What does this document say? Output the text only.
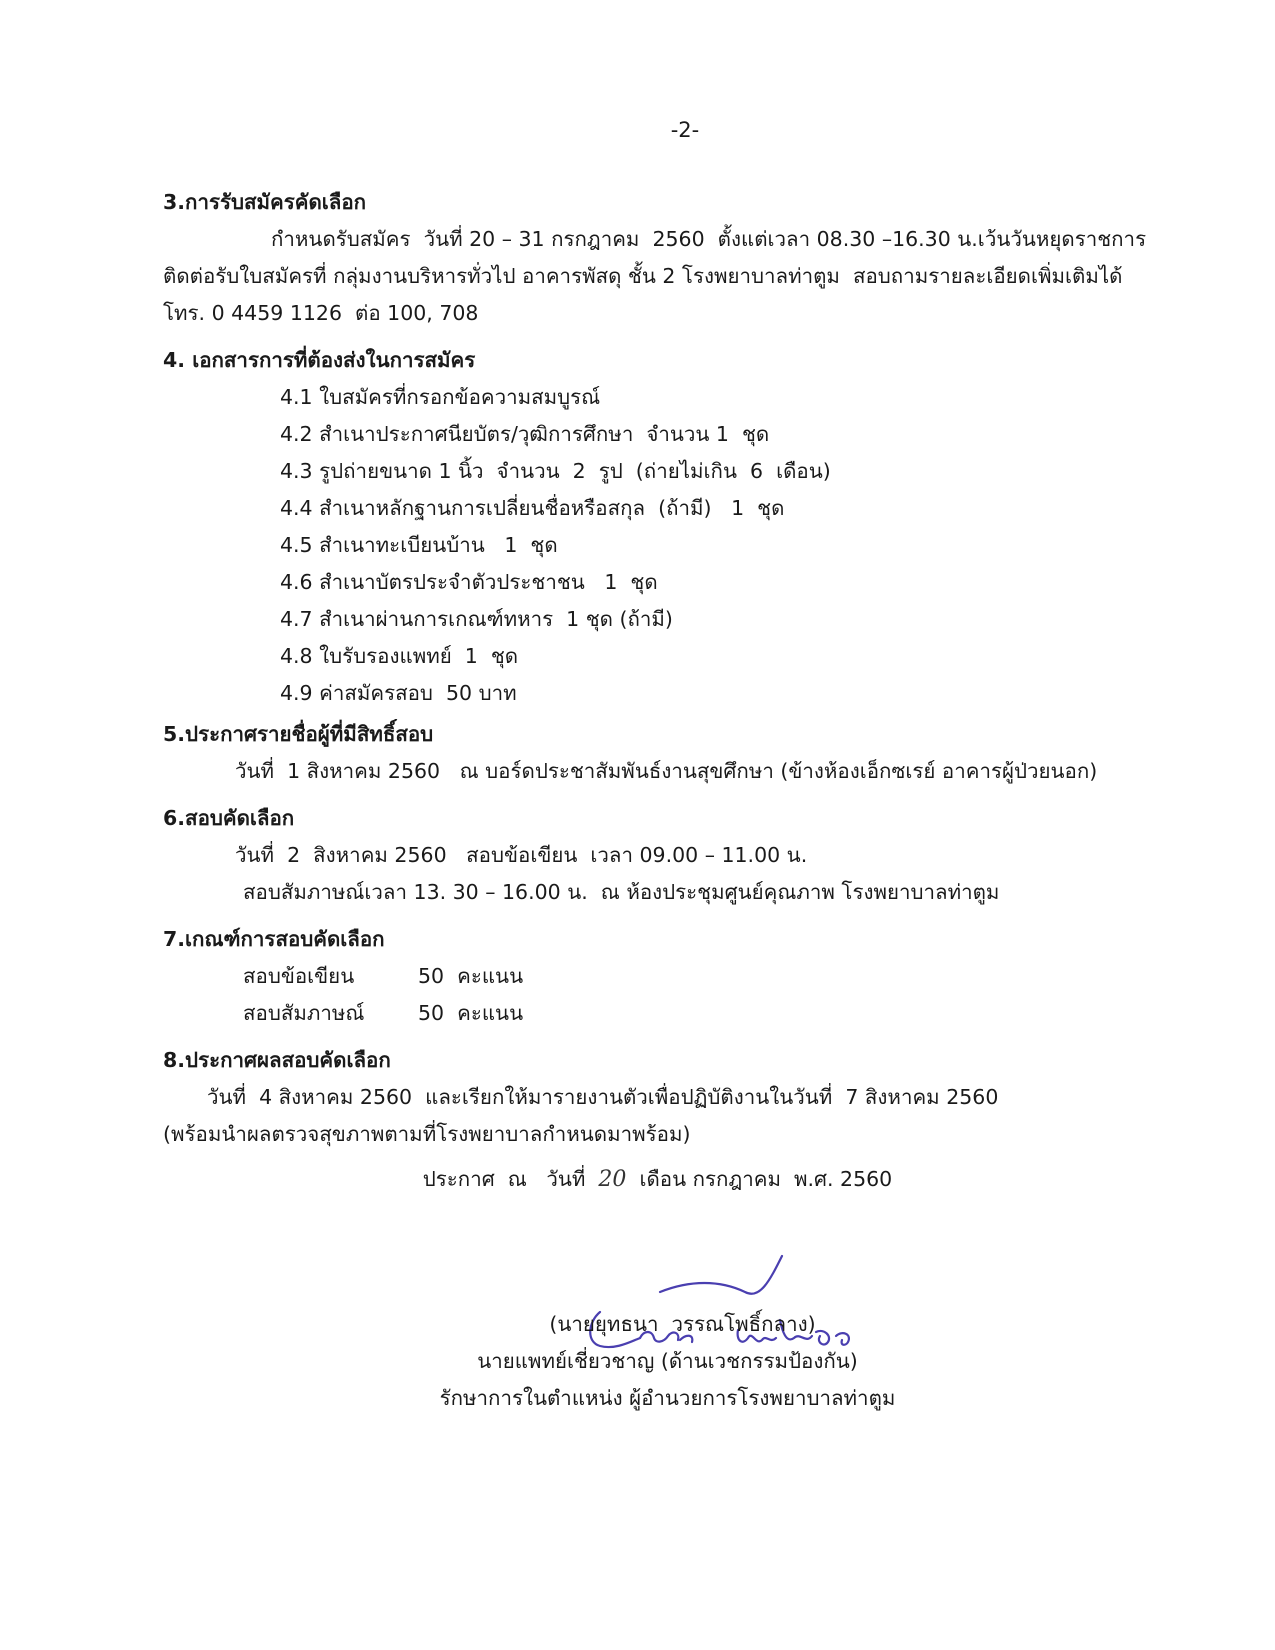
-2-
3.การรับสมัครคัดเลือก
กำหนดรับสมัคร  วันที่ 20 – 31 กรกฎาคม  2560  ตั้งแต่เวลา 08.30 –16.30 น.เว้นวันหยุดราชการ
ติดต่อรับใบสมัครที่ กลุ่มงานบริหารทั่วไป อาคารพัสดุ ชั้น 2 โรงพยาบาลท่าตูม  สอบถามรายละเอียดเพิ่มเติมได้
โทร. 0 4459 1126  ต่อ 100, 708
4. เอกสารการที่ต้องส่งในการสมัคร
4.1 ใบสมัครที่กรอกข้อความสมบูรณ์
4.2 สำเนาประกาศนียบัตร/วุฒิการศึกษา  จำนวน 1  ชุด
4.3 รูปถ่ายขนาด 1 นิ้ว  จำนวน  2  รูป  (ถ่ายไม่เกิน  6  เดือน)
4.4 สำเนาหลักฐานการเปลี่ยนชื่อหรือสกุล  (ถ้ามี)   1  ชุด
4.5 สำเนาทะเบียนบ้าน   1  ชุด
4.6 สำเนาบัตรประจำตัวประชาชน   1  ชุด
4.7 สำเนาผ่านการเกณฑ์ทหาร  1 ชุด (ถ้ามี)
4.8 ใบรับรองแพทย์  1  ชุด
4.9 ค่าสมัครสอบ  50 บาท
5.ประกาศรายชื่อผู้ที่มีสิทธิ์สอบ
วันที่  1 สิงหาคม 2560   ณ บอร์ดประชาสัมพันธ์งานสุขศึกษา (ข้างห้องเอ็กซเรย์ อาคารผู้ป่วยนอก)
6.สอบคัดเลือก
วันที่  2  สิงหาคม 2560   สอบข้อเขียน  เวลา 09.00 – 11.00 น.
สอบสัมภาษณ์เวลา 13. 30 – 16.00 น.  ณ ห้องประชุมศูนย์คุณภาพ โรงพยาบาลท่าตูม
7.เกณฑ์การสอบคัดเลือก
สอบข้อเขียน	50  คะแนน
สอบสัมภาษณ์	50  คะแนน
8.ประกาศผลสอบคัดเลือก
วันที่  4 สิงหาคม 2560  และเรียกให้มารายงานตัวเพื่อปฏิบัติงานในวันที่  7 สิงหาคม 2560
(พร้อมนำผลตรวจสุขภาพตามที่โรงพยาบาลกำหนดมาพร้อม)
ประกาศ  ณ   วันที่ 20 เดือน กรกฎาคม  พ.ศ. 2560
(นายยุทธนา  วรรณโพธิ์กลาง)
นายแพทย์เชี่ยวชาญ (ด้านเวชกรรมป้องกัน)
รักษาการในตำแหน่ง ผู้อำนวยการโรงพยาบาลท่าตูม
